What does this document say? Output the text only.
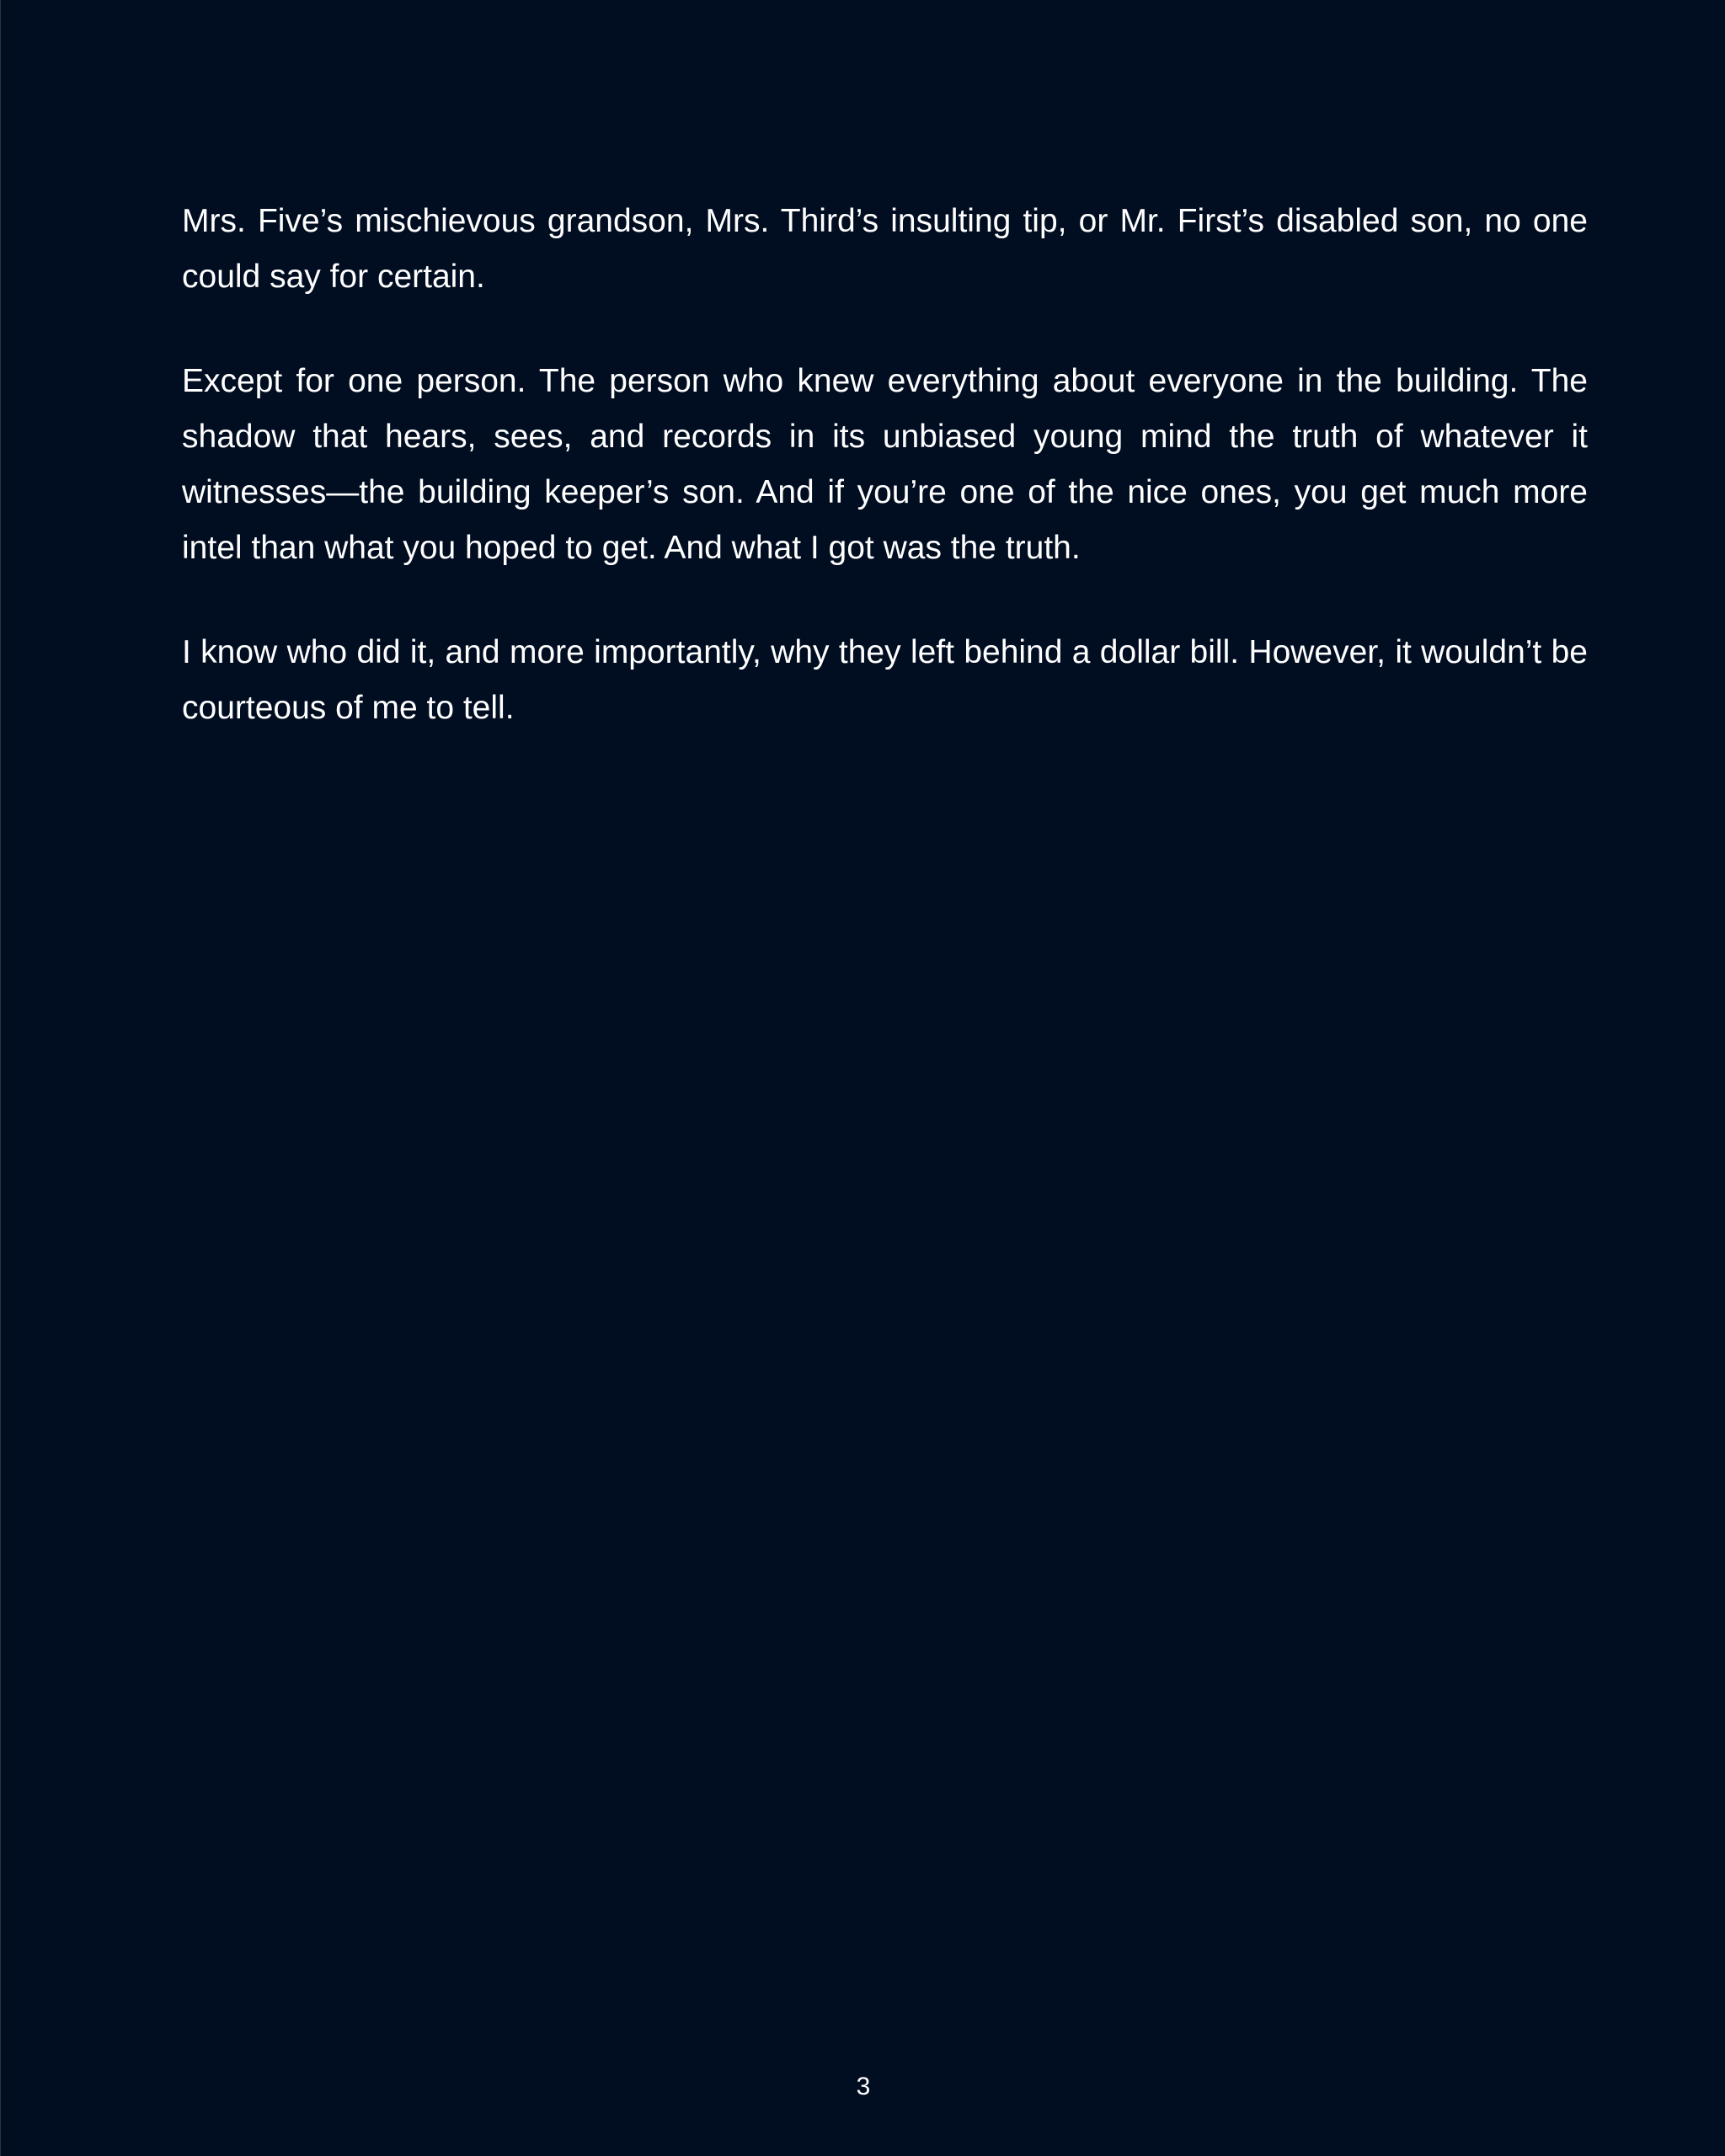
Mrs. Five’s mischievous grandson, Mrs. Third’s insulting tip, or Mr. First’s disabled son, no one could say for certain.

Except for one person. The person who knew everything about everyone in the building. The shadow that hears, sees, and records in its unbiased young mind the truth of whatever it witnesses—the building keeper’s son. And if you’re one of the nice ones, you get much more intel than what you hoped to get. And what I got was the truth.

I know who did it, and more importantly, why they left behind a dollar bill. However, it wouldn’t be courteous of me to tell.

3
